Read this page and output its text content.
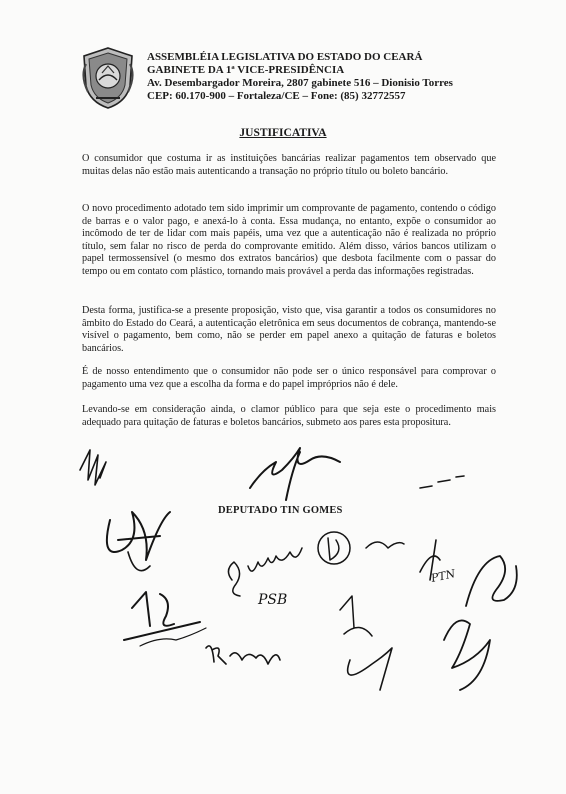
ASSEMBLÉIA LEGISLATIVA DO ESTADO DO CEARÁ
GABINETE DA 1ª VICE-PRESIDÊNCIA
Av. Desembargador Moreira, 2807 gabinete 516 – Dionisio Torres
CEP: 60.170-900 – Fortaleza/CE – Fone: (85) 32772557
JUSTIFICATIVA

O consumidor que costuma ir as instituições bancárias realizar pagamentos tem observado que muitas delas não estão mais autenticando a transação no próprio título ou boleto bancário.

O novo procedimento adotado tem sido imprimir um comprovante de pagamento, contendo o código de barras e o valor pago, e anexá-lo à conta. Essa mudança, no entanto, expõe o consumidor ao incômodo de ter de lidar com mais papéis, uma vez que a autenticação não é realizada no próprio título, sem falar no risco de perda do comprovante emitido. Além disso, vários bancos utilizam o papel termossensível (o mesmo dos extratos bancários) que desbota facilmente com o passar do tempo ou em contato com plástico, tornando mais provável a perda das informações registradas.

Desta forma, justifica-se a presente proposição, visto que, visa garantir a todos os consumidores no âmbito do Estado do Ceará, a autenticação eletrônica em seus documentos de cobrança, mantendo-se visível o pagamento, bem como, não se perder em papel anexo a quitação de faturas e boletos bancários.

É de nosso entendimento que o consumidor não pode ser o único responsável para comprovar o pagamento uma vez que a escolha da forma e do papel impróprios não é dele.

Levando-se em consideração ainda, o clamor público para que seja este o procedimento mais adequado para quitação de faturas e boletos bancários, submeto aos pares esta propositura.

DEPUTADO TIN GOMES
PSB
PTN
